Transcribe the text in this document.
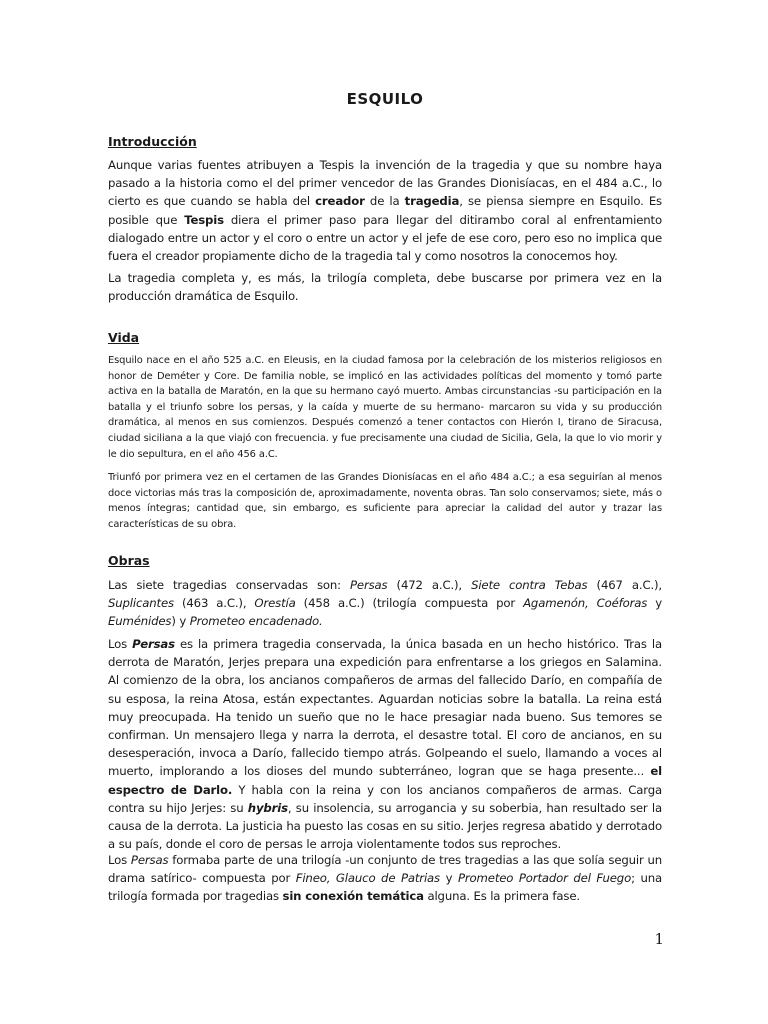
ESQUILO
Introducción

Aunque varias fuentes atribuyen a Tespis la invención de la tragedia y que su nombre haya pasado a la historia como el del primer vencedor de las Grandes Dionisíacas, en el 484 a.C., lo cierto es que cuando se habla del creador de la tragedia, se piensa siempre en Esquilo. Es posible que Tespis diera el primer paso para llegar del ditirambo coral al enfrentamiento dialogado entre un actor y el coro o entre un actor y el jefe de ese coro, pero eso no implica que fuera el creador propiamente dicho de la tragedia tal y como nosotros la conocemos hoy.

La tragedia completa y, es más, la trilogía completa, debe buscarse por primera vez en la producción dramática de Esquilo.

Vida

Esquilo nace en el año 525 a.C. en Eleusis, en la ciudad famosa por la celebración de los misterios religiosos en honor de Deméter y Core. De familia noble, se implicó en las actividades políticas del momento y tomó parte activa en la batalla de Maratón, en la que su hermano cayó muerto. Ambas circunstancias -su participación en la batalla y el triunfo sobre los persas, y la caída y muerte de su hermano- marcaron su vida y su producción dramática, al menos en sus comienzos. Después comenzó a tener contactos con Hierón I, tirano de Siracusa, ciudad siciliana a la que viajó con frecuencia. y fue precisamente una ciudad de Sicilia, Gela, la que lo vio morir y le dio sepultura, en el año 456 a.C.

Triunfó por primera vez en el certamen de las Grandes Dionisíacas en el año 484 a.C.; a esa seguirían al menos doce victorias más tras la composición de, aproximadamente, noventa obras. Tan solo conservamos; siete, más o menos íntegras; cantidad que, sin embargo, es suficiente para apreciar la calidad del autor y trazar las características de su obra.

Obras

Las siete tragedias conservadas son: Persas (472 a.C.), Siete contra Tebas (467 a.C.), Suplicantes (463 a.C.), Orestía (458 a.C.) (trilogía compuesta por Agamenón, Coéforas y Euménides) y Prometeo encadenado.

Los Persas es la primera tragedia conservada, la única basada en un hecho histórico. Tras la derrota de Maratón, Jerjes prepara una expedición para enfrentarse a los griegos en Salamina. Al comienzo de la obra, los ancianos compañeros de armas del fallecido Darío, en compañía de su esposa, la reina Atosa, están expectantes. Aguardan noticias sobre la batalla. La reina está muy preocupada. Ha tenido un sueño que no le hace presagiar nada bueno. Sus temores se confirman. Un mensajero llega y narra la derrota, el desastre total. El coro de ancianos, en su desesperación, invoca a Darío, fallecido tiempo atrás. Golpeando el suelo, llamando a voces al muerto, implorando a los dioses del mundo subterráneo, logran que se haga presente... el espectro de Darlo. Y habla con la reina y con los ancianos compañeros de armas. Carga contra su hijo Jerjes: su hybris, su insolencia, su arrogancia y su soberbia, han resultado ser la causa de la derrota. La justicia ha puesto las cosas en su sitio. Jerjes regresa abatido y derrotado a su país, donde el coro de persas le arroja violentamente todos sus reproches.

Los Persas formaba parte de una trilogía -un conjunto de tres tragedias a las que solía seguir un drama satírico- compuesta por Fineo, Glauco de Patrias y Prometeo Portador del Fuego; una trilogía formada por tragedias sin conexión temática alguna. Es la primera fase.

1
